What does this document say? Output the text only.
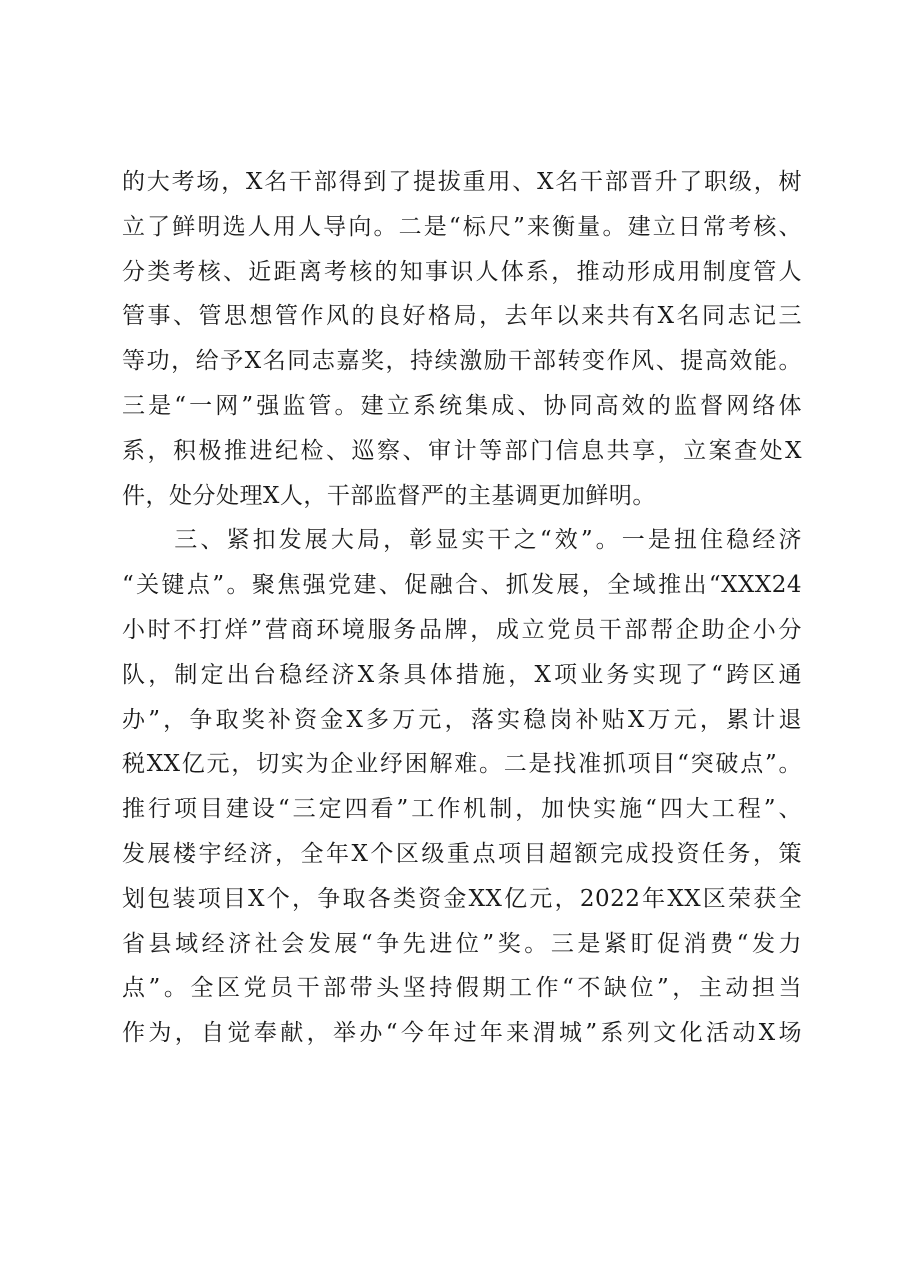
的大考场，X名干部得到了提拔重用、X名干部晋升了职级，树
立了鲜明选人用人导向。二是“标尺”来衡量。建立日常考核、
分类考核、近距离考核的知事识人体系，推动形成用制度管人
管事、管思想管作风的良好格局，去年以来共有X名同志记三
等功，给予X名同志嘉奖，持续激励干部转变作风、提高效能。
三是“一网”强监管。建立系统集成、协同高效的监督网络体
系，积极推进纪检、巡察、审计等部门信息共享，立案查处X
件，处分处理X人，干部监督严的主基调更加鲜明。
　　三、紧扣发展大局，彰显实干之“效”。一是扭住稳经济
“关键点”。聚焦强党建、促融合、抓发展，全域推出“XXX24
小时不打烊”营商环境服务品牌，成立党员干部帮企助企小分
队，制定出台稳经济X条具体措施，X项业务实现了“跨区通
办”，争取奖补资金X多万元，落实稳岗补贴X万元，累计退
税XX亿元，切实为企业纾困解难。二是找准抓项目“突破点”。
推行项目建设“三定四看”工作机制，加快实施“四大工程”、
发展楼宇经济，全年X个区级重点项目超额完成投资任务，策
划包装项目X个，争取各类资金XX亿元，2022年XX区荣获全
省县域经济社会发展“争先进位”奖。三是紧盯促消费“发力
点”。全区党员干部带头坚持假期工作“不缺位”，主动担当
作为，自觉奉献，举办“今年过年来渭城”系列文化活动X场
